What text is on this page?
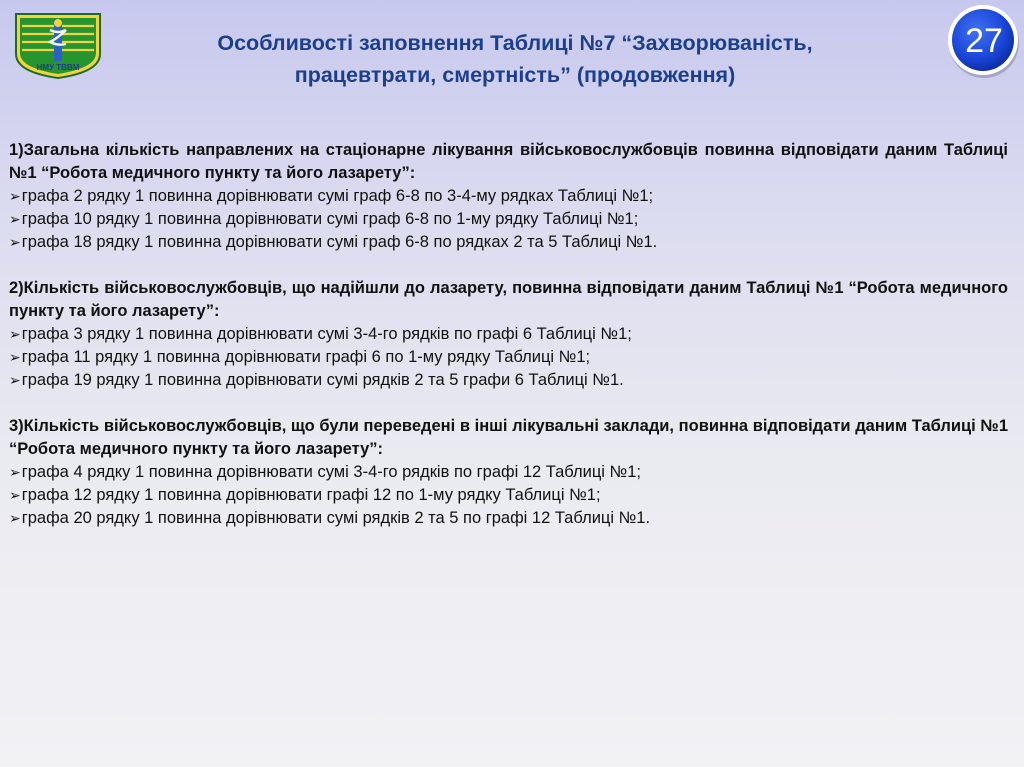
НМУ ТВВМ
Особливості заповнення Таблиці №7 “Захворюваність,
працевтрати, смертність” (продовження)
27

1)Загальна кількість направлених на стаціонарне лікування військовослужбовців повинна відповідати даним Таблиці №1 “Робота медичного пункту та його лазарету”:

➢графа 2 рядку 1 повинна дорівнювати сумі граф 6-8 по 3-4-му рядках Таблиці №1;

➢графа 10 рядку 1 повинна дорівнювати сумі граф 6-8 по 1-му рядку Таблиці №1;

➢графа 18 рядку 1 повинна дорівнювати сумі граф 6-8 по рядках 2 та 5 Таблиці №1.

2)Кількість військовослужбовців, що надійшли до лазарету, повинна відповідати даним Таблиці №1 “Робота медичного пункту та його лазарету”:

➢графа 3 рядку 1 повинна дорівнювати сумі 3-4-го рядків по графі 6 Таблиці №1;

➢графа 11 рядку 1 повинна дорівнювати графі 6 по 1-му рядку Таблиці №1;

➢графа 19 рядку 1 повинна дорівнювати сумі рядків 2 та 5 графи 6 Таблиці №1.

3)Кількість військовослужбовців, що були переведені в інші лікувальні заклади, повинна відповідати даним Таблиці №1 “Робота медичного пункту та його лазарету”:

➢графа 4 рядку 1 повинна дорівнювати сумі 3-4-го рядків по графі 12 Таблиці №1;

➢графа 12 рядку 1 повинна дорівнювати графі 12 по 1-му рядку Таблиці №1;

➢графа 20 рядку 1 повинна дорівнювати сумі рядків 2 та 5 по графі 12 Таблиці №1.
